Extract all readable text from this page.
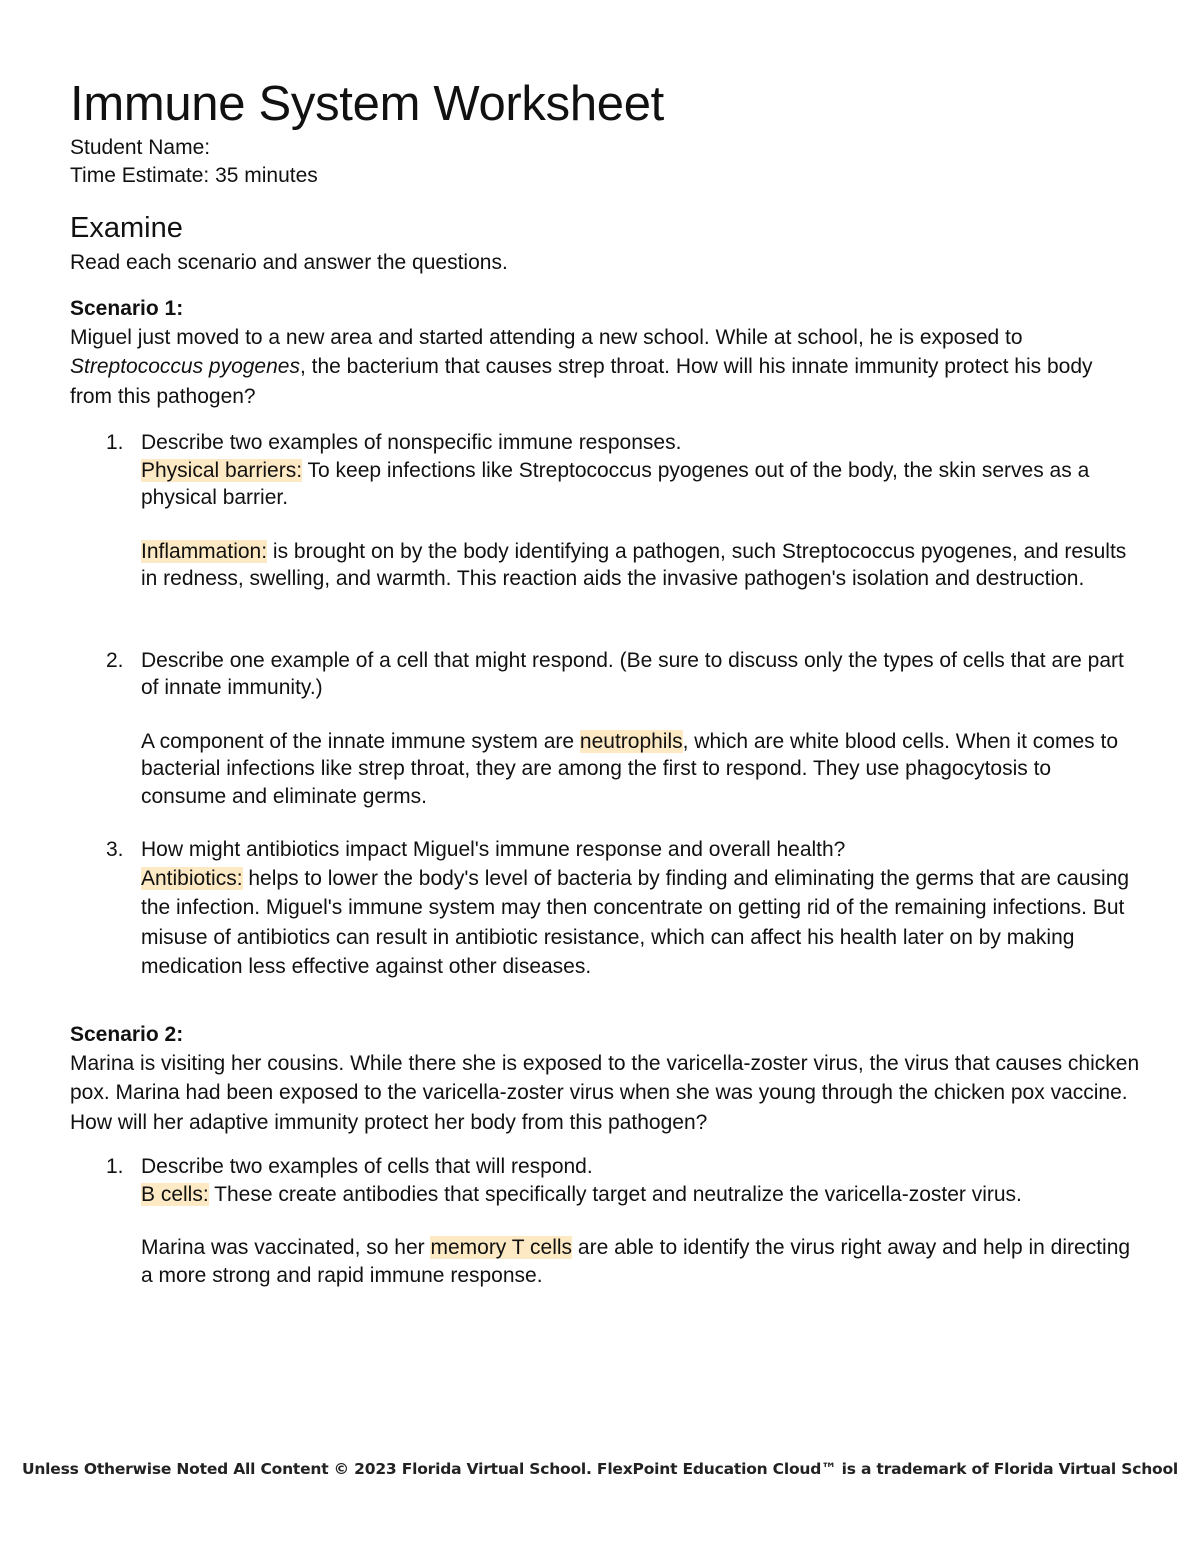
Immune System Worksheet

Student Name:

Time Estimate: 35 minutes

Examine

Read each scenario and answer the questions.

Scenario 1:

Miguel just moved to a new area and started attending a new school. While at school, he is exposed to Streptococcus pyogenes, the bacterium that causes strep throat. How will his innate immunity protect his body from this pathogen?

1. Describe two examples of nonspecific immune responses.

Physical barriers: To keep infections like Streptococcus pyogenes out of the body, the skin serves as a physical barrier.

Inflammation: is brought on by the body identifying a pathogen, such Streptococcus pyogenes, and results in redness, swelling, and warmth. This reaction aids the invasive pathogen's isolation and destruction.

2. Describe one example of a cell that might respond. (Be sure to discuss only the types of cells that are part of innate immunity.)

A component of the innate immune system are neutrophils, which are white blood cells. When it comes to bacterial infections like strep throat, they are among the first to respond. They use phagocytosis to consume and eliminate germs.

3. How might antibiotics impact Miguel's immune response and overall health?

Antibiotics: helps to lower the body's level of bacteria by finding and eliminating the germs that are causing the infection. Miguel's immune system may then concentrate on getting rid of the remaining infections. But misuse of antibiotics can result in antibiotic resistance, which can affect his health later on by making medication less effective against other diseases.

Scenario 2:

Marina is visiting her cousins. While there she is exposed to the varicella-zoster virus, the virus that causes chicken pox. Marina had been exposed to the varicella-zoster virus when she was young through the chicken pox vaccine. How will her adaptive immunity protect her body from this pathogen?

1. Describe two examples of cells that will respond.

B cells: These create antibodies that specifically target and neutralize the varicella-zoster virus.

Marina was vaccinated, so her memory T cells are able to identify the virus right away and help in directing a more strong and rapid immune response.

Unless Otherwise Noted All Content © 2023 Florida Virtual School. FlexPoint Education Cloud™ is a trademark of Florida Virtual School
